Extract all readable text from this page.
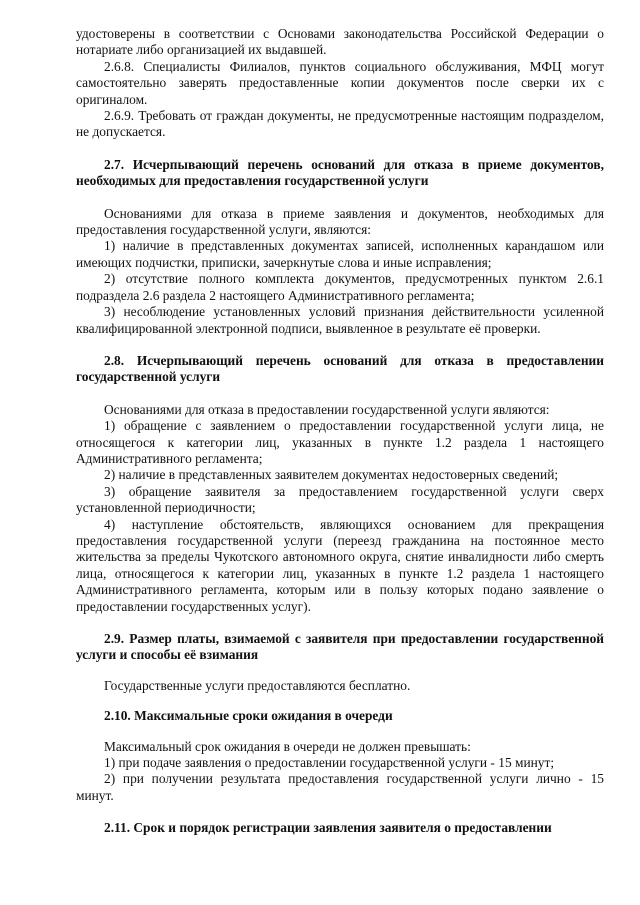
удостоверены в соответствии с Основами законодательства Российской Федерации о нотариате либо организацией их выдавшей.

2.6.8. Специалисты Филиалов, пунктов социального обслуживания, МФЦ могут самостоятельно заверять предоставленные копии документов после сверки их с оригиналом.

2.6.9. Требовать от граждан документы, не предусмотренные настоящим подразделом, не допускается.

2.7. Исчерпывающий перечень оснований для отказа в приеме документов, необходимых для предоставления государственной услуги

Основаниями для отказа в приеме заявления и документов, необходимых для предоставления государственной услуги, являются:

1) наличие в представленных документах записей, исполненных карандашом или имеющих подчистки, приписки, зачеркнутые слова и иные исправления;

2) отсутствие полного комплекта документов, предусмотренных пунктом 2.6.1 подраздела 2.6 раздела 2 настоящего Административного регламента;

3) несоблюдение установленных условий признания действительности усиленной квалифицированной электронной подписи, выявленное в результате её проверки.

2.8. Исчерпывающий перечень оснований для отказа в предоставлении государственной услуги

Основаниями для отказа в предоставлении государственной услуги являются:

1) обращение с заявлением о предоставлении государственной услуги лица, не относящегося к категории лиц, указанных в пункте 1.2 раздела 1 настоящего Административного регламента;

2) наличие в представленных заявителем документах недостоверных сведений;

3) обращение заявителя за предоставлением государственной услуги сверх установленной периодичности;

4) наступление обстоятельств, являющихся основанием для прекращения предоставления государственной услуги (переезд гражданина на постоянное место жительства за пределы Чукотского автономного округа, снятие инвалидности либо смерть лица, относящегося к категории лиц, указанных в пункте 1.2 раздела 1 настоящего Административного регламента, которым или в пользу которых подано заявление о предоставлении государственных услуг).

2.9. Размер платы, взимаемой с заявителя при предоставлении государственной услуги и способы её взимания

Государственные услуги предоставляются бесплатно.

2.10. Максимальные сроки ожидания в очереди

Максимальный срок ожидания в очереди не должен превышать:

1) при подаче заявления о предоставлении государственной услуги - 15 минут;

2) при получении результата предоставления государственной услуги лично - 15 минут.

2.11. Срок и порядок регистрации заявления заявителя о предоставлении
